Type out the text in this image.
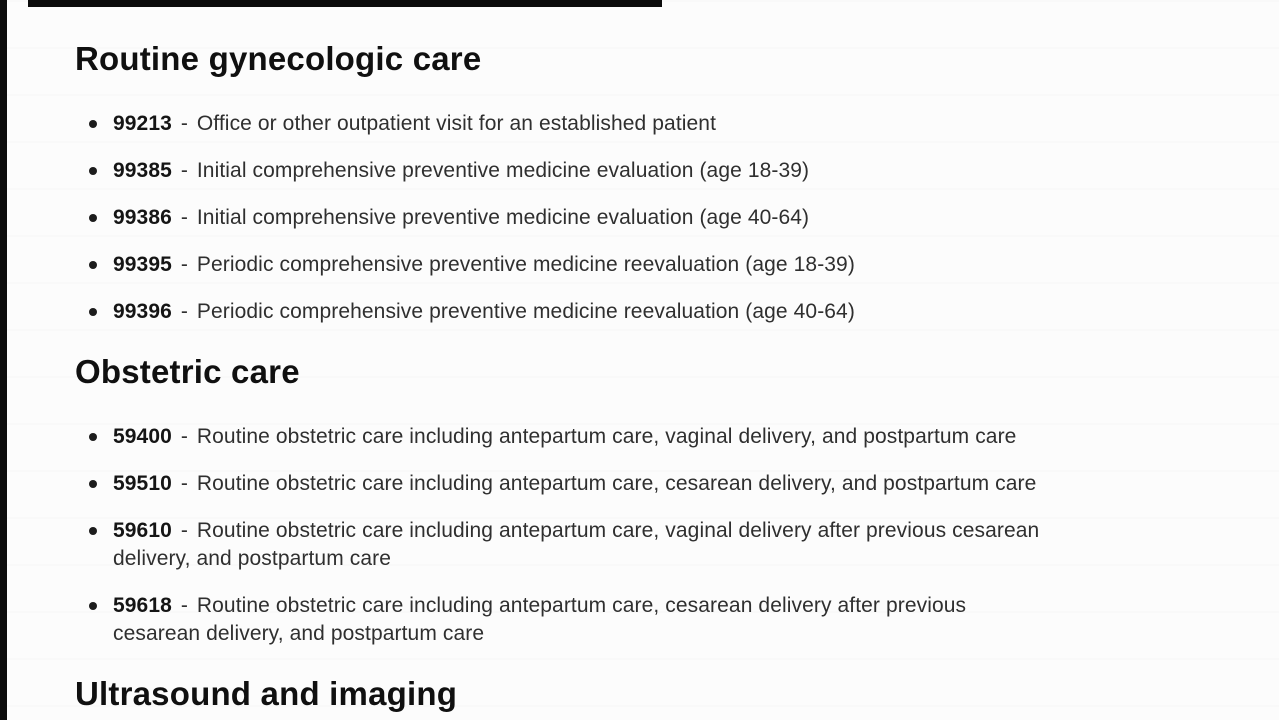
Routine gynecologic care
99213 - Office or other outpatient visit for an established patient
99385 - Initial comprehensive preventive medicine evaluation (age 18-39)
99386 - Initial comprehensive preventive medicine evaluation (age 40-64)
99395 - Periodic comprehensive preventive medicine reevaluation (age 18-39)
99396 - Periodic comprehensive preventive medicine reevaluation (age 40-64)
Obstetric care
59400 - Routine obstetric care including antepartum care, vaginal delivery, and postpartum care
59510 - Routine obstetric care including antepartum care, cesarean delivery, and postpartum care
59610 - Routine obstetric care including antepartum care, vaginal delivery after previous cesarean
delivery, and postpartum care
59618 - Routine obstetric care including antepartum care, cesarean delivery after previous
cesarean delivery, and postpartum care
Ultrasound and imaging
